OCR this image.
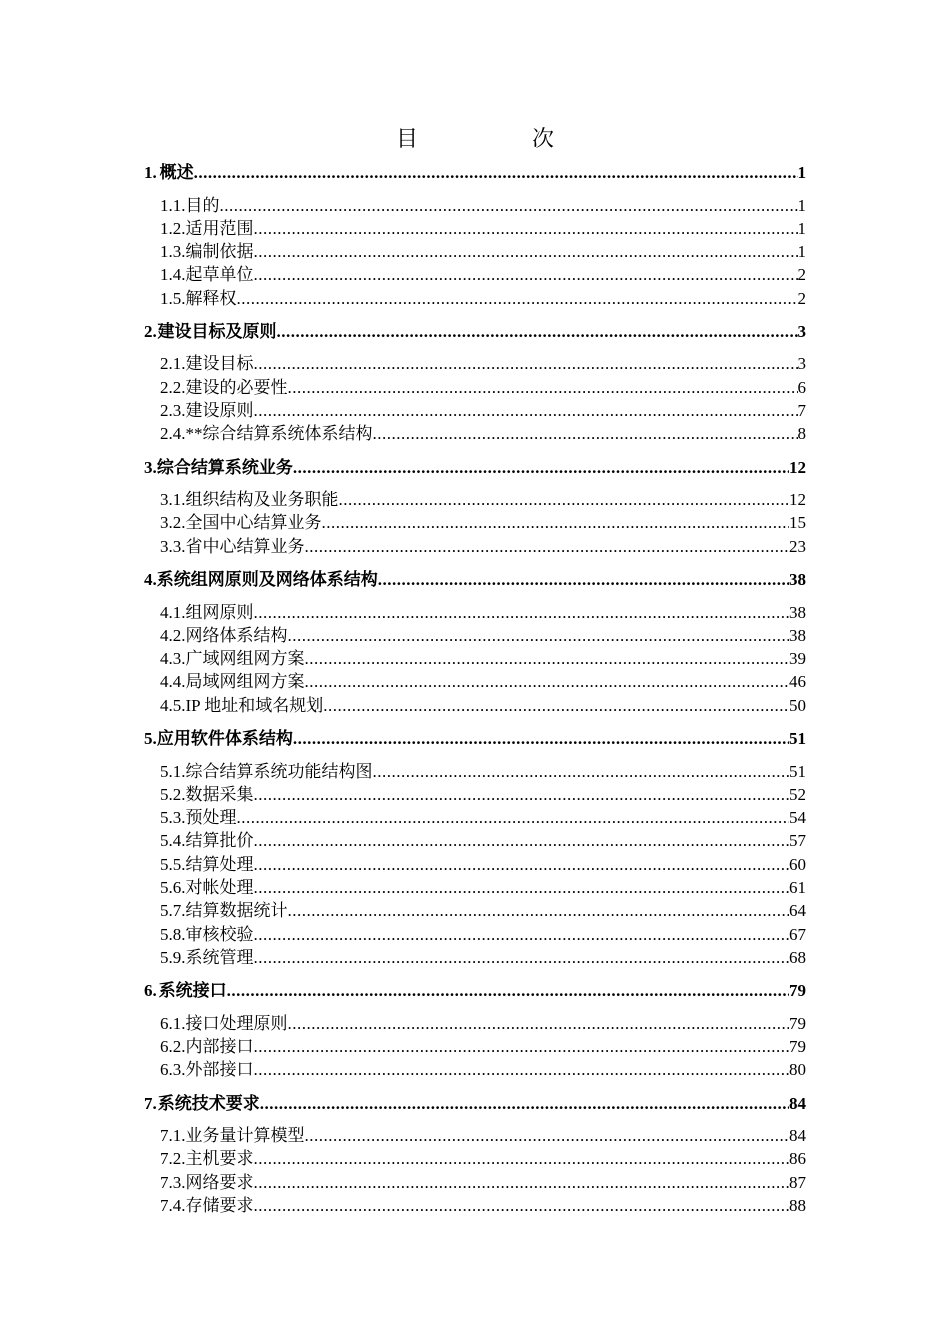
目　次
1. 概述 .....	1
1.1. 目的 .....	1
1.2. 适用范围 .....	1
1.3. 编制依据 .....	1
1.4. 起草单位 .....	2
1.5. 解释权 .....	2
2. 建设目标及原则 .....	3
2.1. 建设目标 .....	3
2.2. 建设的必要性 .....	6
2.3. 建设原则 .....	7
2.4. **综合结算系统体系结构 .....	8
3. 综合结算系统业务 .....	12
3.1. 组织结构及业务职能 .....	12
3.2. 全国中心结算业务 .....	15
3.3. 省中心结算业务 .....	23
4. 系统组网原则及网络体系结构 .....	38
4.1. 组网原则 .....	38
4.2. 网络体系结构 .....	38
4.3. 广域网组网方案 .....	39
4.4. 局域网组网方案 .....	46
4.5. IP 地址和域名规划 .....	50
5. 应用软件体系结构 .....	51
5.1. 综合结算系统功能结构图 .....	51
5.2. 数据采集 .....	52
5.3. 预处理 .....	54
5.4. 结算批价 .....	57
5.5. 结算处理 .....	60
5.6. 对帐处理 .....	61
5.7. 结算数据统计 .....	64
5.8. 审核校验 .....	67
5.9. 系统管理 .....	68
6. 系统接口 .....	79
6.1. 接口处理原则 .....	79
6.2. 内部接口 .....	79
6.3. 外部接口 .....	80
7. 系统技术要求 .....	84
7.1. 业务量计算模型 .....	84
7.2. 主机要求 .....	86
7.3. 网络要求 .....	87
7.4. 存储要求 .....	88
